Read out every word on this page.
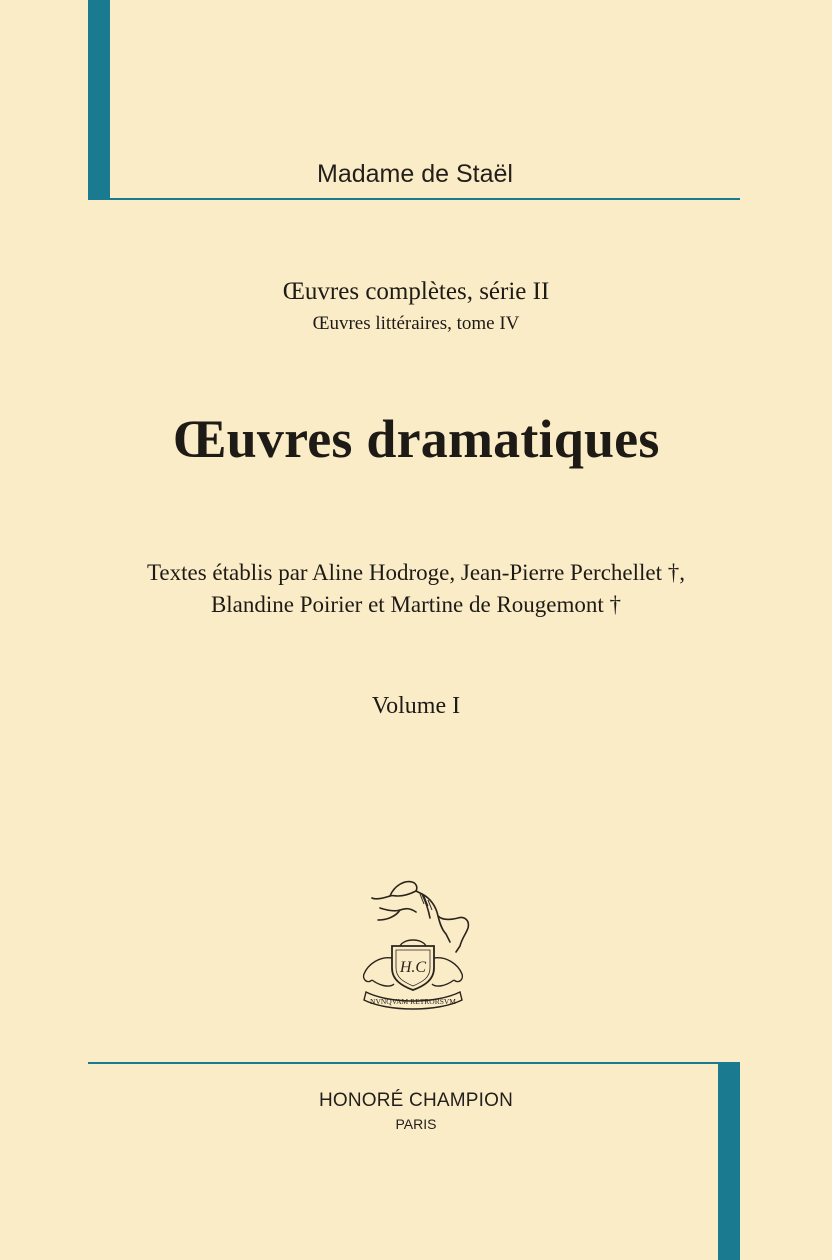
Madame de Staël
Œuvres complètes, série II
Œuvres littéraires, tome IV
Œuvres dramatiques
Textes établis par Aline Hodroge, Jean-Pierre Perchellet †,
Blandine Poirier et Martine de Rougemont †
Volume I
H.C
NVNQVAM RETRORSVM
HONORÉ CHAMPION
PARIS
